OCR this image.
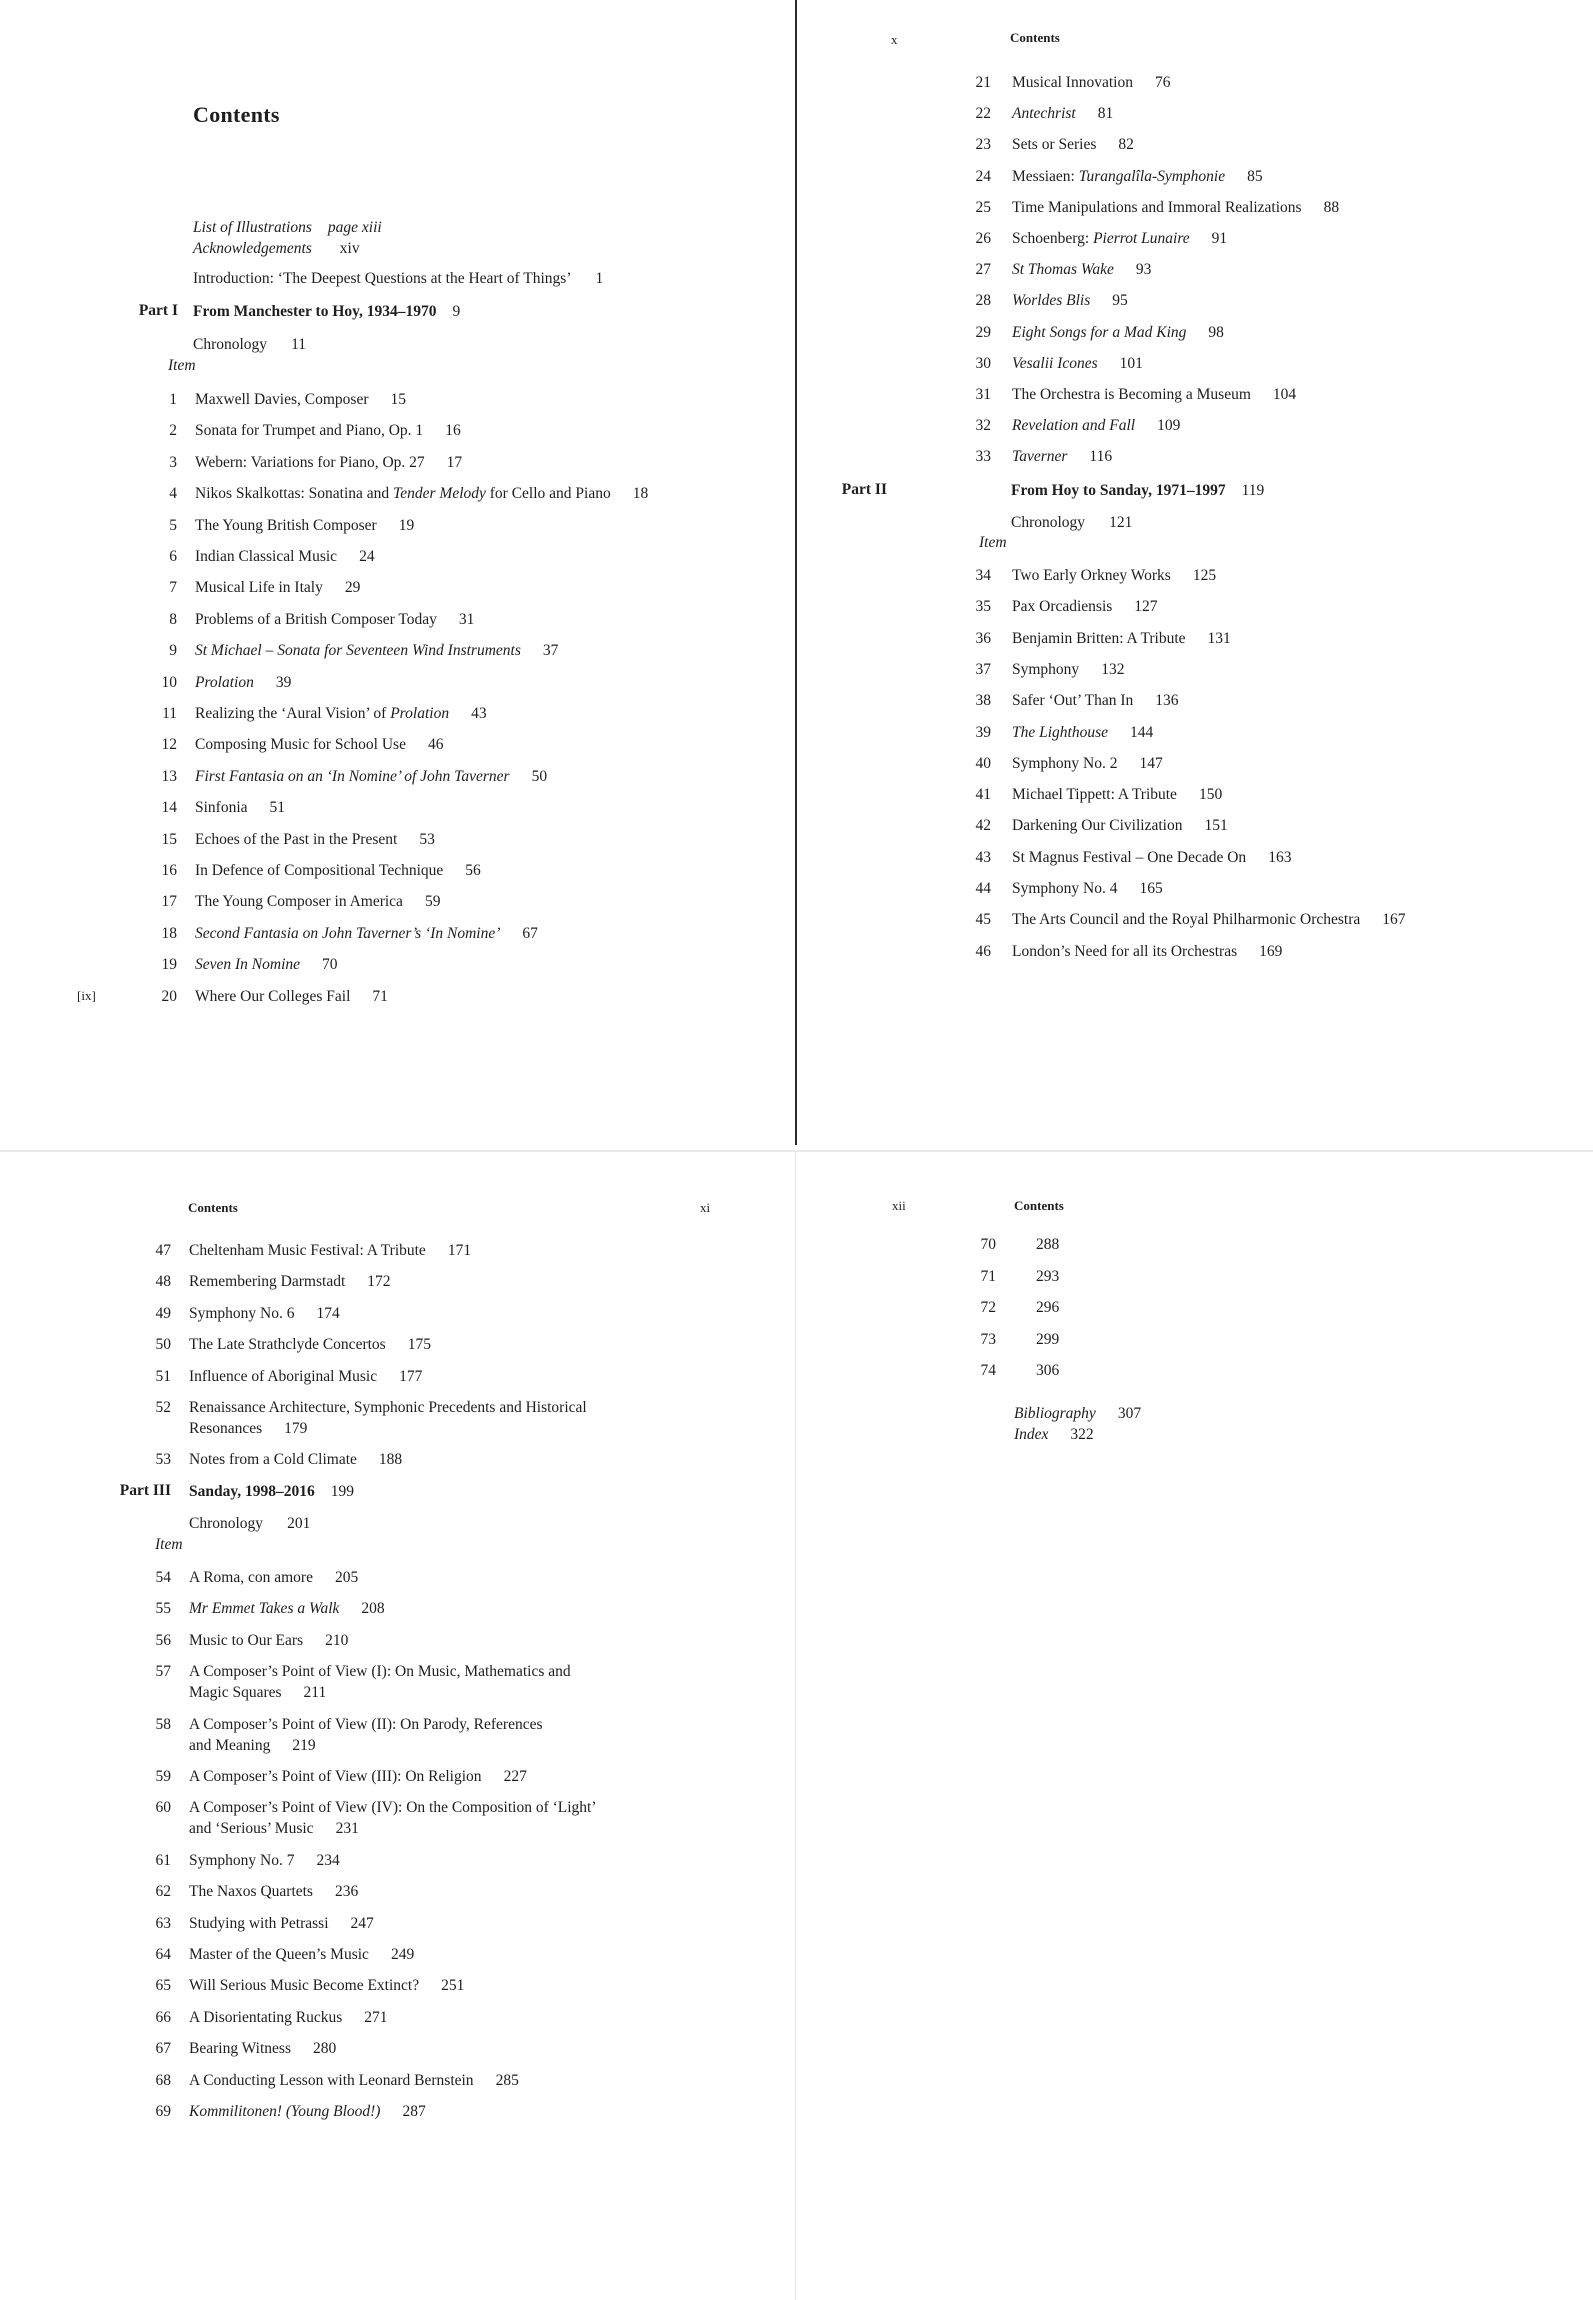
Contents
List of Illustrations page xiii
Acknowledgements xiv
Introduction: ‘The Deepest Questions at the Heart of Things’ 1
Part I From Manchester to Hoy, 1934–1970 9
Chronology 11
Item
1 Maxwell Davies, Composer 15
2 Sonata for Trumpet and Piano, Op. 1 16
3 Webern: Variations for Piano, Op. 27 17
4 Nikos Skalkottas: Sonatina and Tender Melody for Cello and Piano 18
5 The Young British Composer 19
6 Indian Classical Music 24
7 Musical Life in Italy 29
8 Problems of a British Composer Today 31
9 St Michael – Sonata for Seventeen Wind Instruments 37
10 Prolation 39
11 Realizing the ‘Aural Vision’ of Prolation 43
12 Composing Music for School Use 46
13 First Fantasia on an ‘In Nomine’ of John Taverner 50
14 Sinfonia 51
15 Echoes of the Past in the Present 53
16 In Defence of Compositional Technique 56
17 The Young Composer in America 59
18 Second Fantasia on John Taverner’s ‘In Nomine’ 67
19 Seven In Nomine 70
20 Where Our Colleges Fail 71
[ix]
x	Contents
21 Musical Innovation 76
22 Antechrist 81
23 Sets or Series 82
24 Messiaen: Turangalîla-Symphonie 85
25 Time Manipulations and Immoral Realizations 88
26 Schoenberg: Pierrot Lunaire 91
27 St Thomas Wake 93
28 Worldes Blis 95
29 Eight Songs for a Mad King 98
30 Vesalii Icones 101
31 The Orchestra is Becoming a Museum 104
32 Revelation and Fall 109
33 Taverner 116
Part II	From Hoy to Sanday, 1971–1997 119
Chronology 121
Item
34 Two Early Orkney Works 125
35 Pax Orcadiensis 127
36 Benjamin Britten: A Tribute 131
37 Symphony 132
38 Safer ‘Out’ Than In 136
39 The Lighthouse 144
40 Symphony No. 2 147
41 Michael Tippett: A Tribute 150
42 Darkening Our Civilization 151
43 St Magnus Festival – One Decade On 163
44 Symphony No. 4 165
45 The Arts Council and the Royal Philharmonic Orchestra 167
46 London’s Need for all its Orchestras 169
Contents	xi
47 Cheltenham Music Festival: A Tribute 171
48 Remembering Darmstadt 172
49 Symphony No. 6 174
50 The Late Strathclyde Concertos 175
51 Influence of Aboriginal Music 177
52 Renaissance Architecture, Symphonic Precedents and Historical
Resonances 179
53 Notes from a Cold Climate 188
Part III Sanday, 1998–2016 199
Chronology 201
Item
54 A Roma, con amore 205
55 Mr Emmet Takes a Walk 208
56 Music to Our Ears 210
57 A Composer’s Point of View (I): On Music, Mathematics and
Magic Squares 211
58 A Composer’s Point of View (II): On Parody, References
and Meaning 219
59 A Composer’s Point of View (III): On Religion 227
60 A Composer’s Point of View (IV): On the Composition of ‘Light’
and ‘Serious’ Music 231
61 Symphony No. 7 234
62 The Naxos Quartets 236
63 Studying with Petrassi 247
64 Master of the Queen’s Music 249
65 Will Serious Music Become Extinct? 251
66 A Disorientating Ruckus 271
67 Bearing Witness 280
68 A Conducting Lesson with Leonard Bernstein 285
69 Kommilitonen! (Young Blood!) 287
xii	Contents
70	288
71	293
72	296
73	299
74	306
Bibliography 307
Index 322
